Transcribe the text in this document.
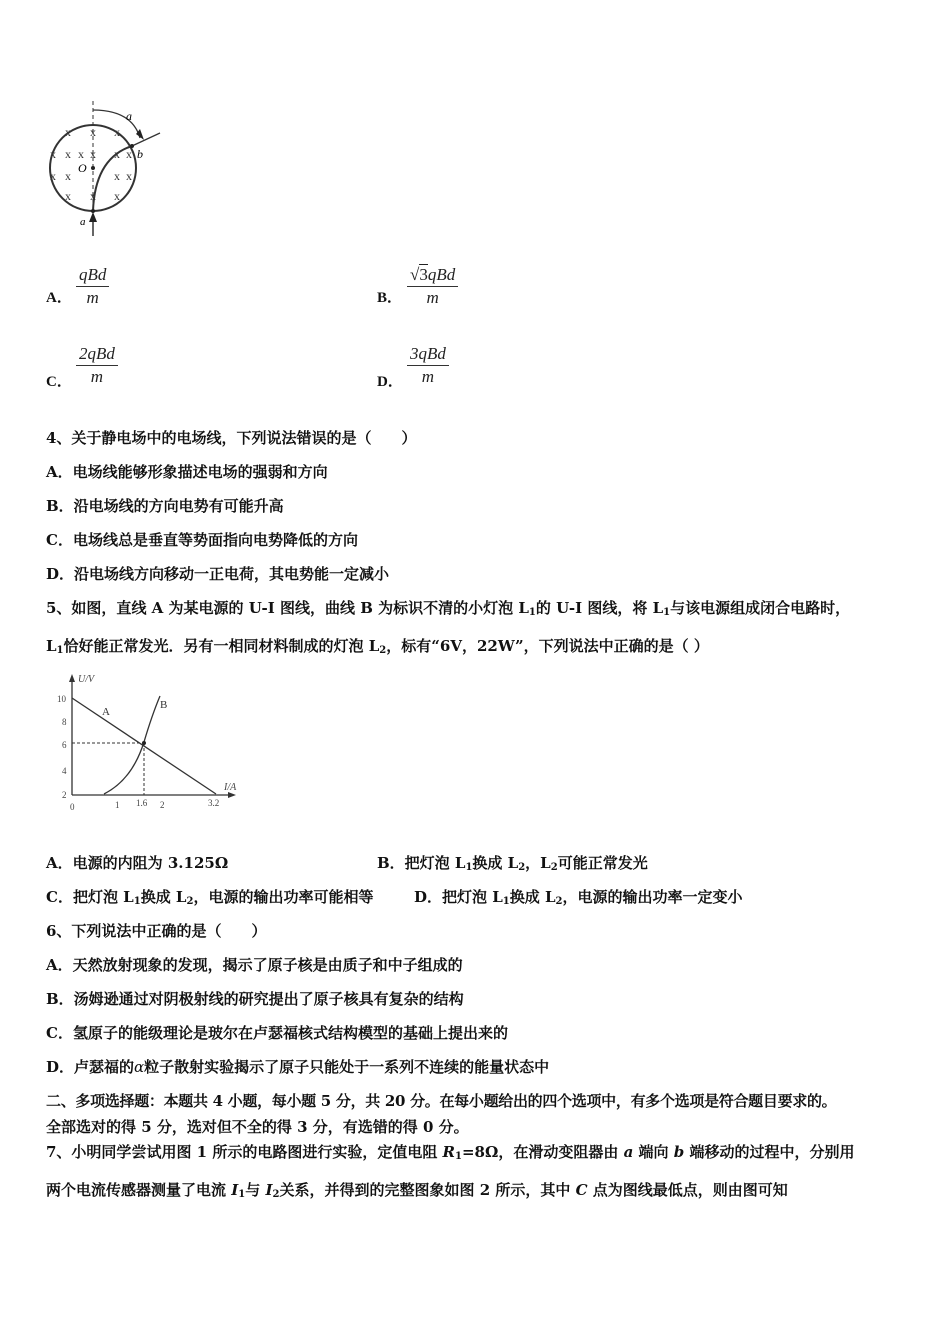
x x x
x x x x x x
x x	x x
x x x
a
b
O
a
A．
qBd
m	B．
√3qBd
m
C．
2qBd
m	D．
3qBd
m
4、关于静电场中的电场线，下列说法错误的是（　　）
A．电场线能够形象描述电场的强弱和方向
B．沿电场线的方向电势有可能升高
C．电场线总是垂直等势面指向电势降低的方向
D．沿电场线方向移动一正电荷，其电势能一定减小
5、如图，直线 A 为某电源的 U-I 图线，曲线 B 为标识不清的小灯泡 $L_1$的 U-I 图线，将 $L_1$与该电源组成闭合电路时，
$L_1$恰好能正常发光．另有一相同材料制成的灯泡 $L_2$，标有“6V，22W”，下列说法中正确的是（ ）
U/V
I/A
A
B
10
8
6
4
2
0	1 1.6 2	3.2
A．电源的内阻为 3.125Ω	B．把灯泡 $L_1$换成 $L_2$，$L_2$可能正常发光
C．把灯泡 $L_1$换成 $L_2$，电源的输出功率可能相等	D．把灯泡 $L_1$换成 $L_2$，电源的输出功率一定变小
6、下列说法中正确的是（　　）
A．天然放射现象的发现，揭示了原子核是由质子和中子组成的
B．汤姆逊通过对阴极射线的研究提出了原子核具有复杂的结构
C．氢原子的能级理论是玻尔在卢瑟福核式结构模型的基础上提出来的
D．卢瑟福的α粒子散射实验揭示了原子只能处于一系列不连续的能量状态中
二、多项选择题：本题共 4 小题，每小题 5 分，共 20 分。在每小题给出的四个选项中，有多个选项是符合题目要求的。
全部选对的得 5 分，选对但不全的得 3 分，有选错的得 0 分。
7、小明同学尝试用图 1 所示的电路图进行实验，定值电阻 $R_1=8\Omega$，在滑动变阻器由 a 端向 b 端移动的过程中，分别用
两个电流传感器测量了电流 $I_1$与 $I_2$关系，并得到的完整图象如图 2 所示，其中 C 点为图线最低点，则由图可知
